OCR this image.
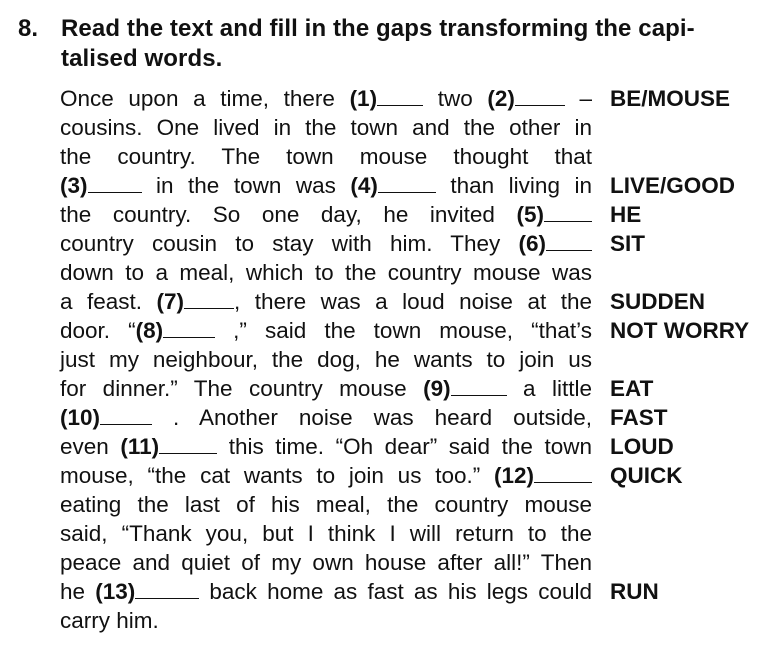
8. Read the text and fill in the gaps transforming the capi-talised words.
Once upon a time, there (1) two (2) – BE/MOUSE
cousins. One lived in the town and the other in
the country. The town mouse thought that
(3) in the town was (4)	than living in LIVE/GOOD
the country. So one day, he invited (5)	HE
country cousin to stay with him. They (6)	SIT
down to a meal, which to the country mouse was
a feast. (7) , there was a loud noise at the SUDDEN
door. “(8) ,” said the town mouse, “that’s NOT WORRY
just my neighbour, the dog, he wants to join us
for dinner.” The country mouse (9) a little EAT
(10) . Another noise was heard outside, FAST
even (11)	this time. “Oh dear” said the town LOUD
mouse, “the cat wants to join us too.” (12)	QUICK
eating the last of his meal, the country mouse
said, “Thank you, but I think I will return to the
peace and quiet of my own house after all!” Then
he (13)	back home as fast as his legs could RUN
carry him.
